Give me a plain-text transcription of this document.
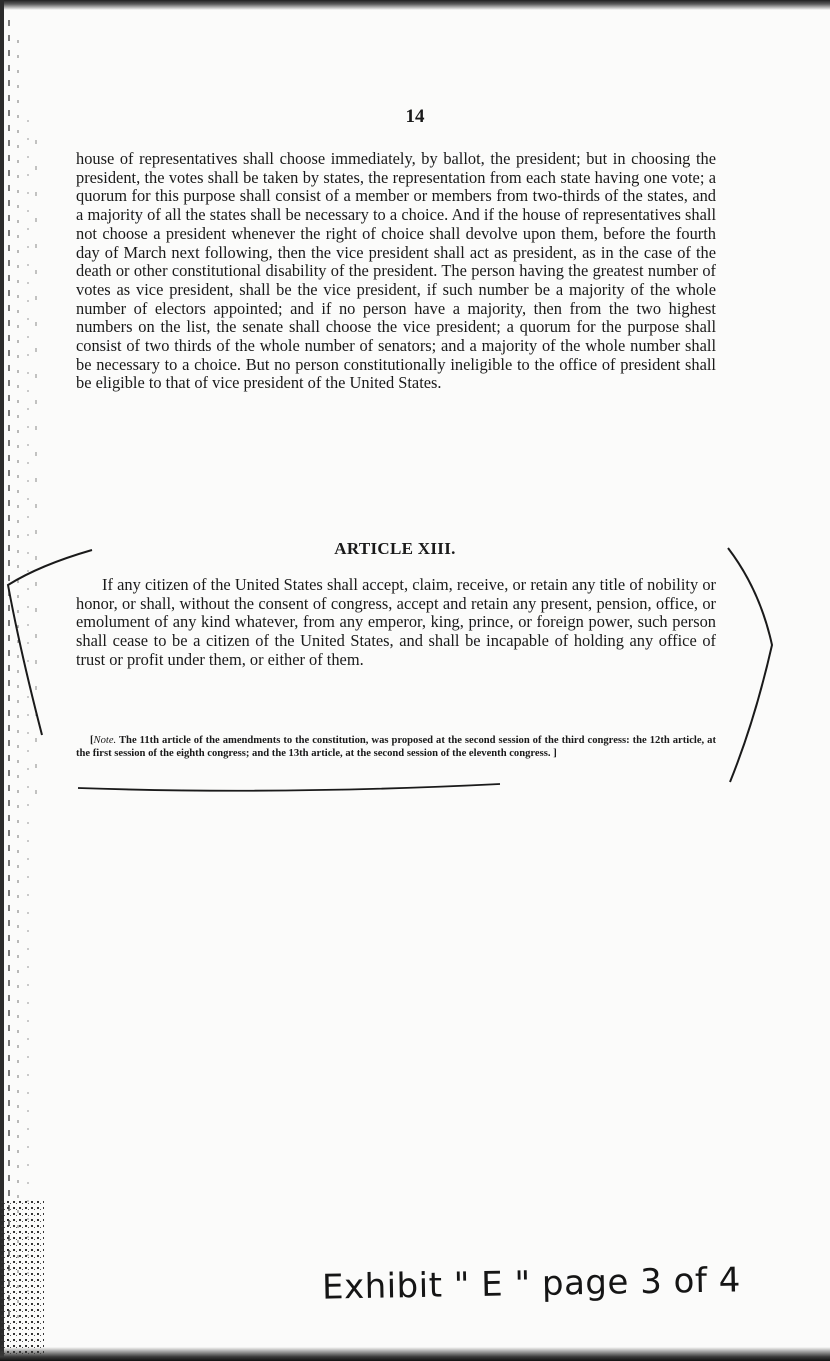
14

house of representatives shall choose immediately, by ballot, the president; but in choosing the president, the votes shall be taken by states, the representation from each state having one vote; a quorum for this purpose shall consist of a member or members from two-thirds of the states, and a majority of all the states shall be necessary to a choice. And if the house of representatives shall not choose a president whenever the right of choice shall devolve upon them, before the fourth day of March next following, then the vice president shall act as president, as in the case of the death or other constitutional disability of the president. The person having the greatest number of votes as vice president, shall be the vice president, if such number be a majority of the whole number of electors appointed; and if no person have a majority, then from the two highest numbers on the list, the senate shall choose the vice president; a quorum for the purpose shall consist of two thirds of the whole number of senators; and a majority of the whole number shall be necessary to a choice. But no person constitutionally ineligible to the office of president shall be eligible to that of vice president of the United States.

ARTICLE XIII.

If any citizen of the United States shall accept, claim, receive, or retain any title of nobility or honor, or shall, without the consent of congress, accept and retain any present, pension, office, or emolument of any kind whatever, from any emperor, king, prince, or foreign power, such person shall cease to be a citizen of the United States, and shall be incapable of holding any office of trust or profit under them, or either of them.

[Note. The 11th article of the amendments to the constitution, was proposed at the second session of the third congress: the 12th article, at the first session of the eighth congress; and the 13th article, at the second session of the eleventh congress. ]

Exhibit " E " page 3 of 4
